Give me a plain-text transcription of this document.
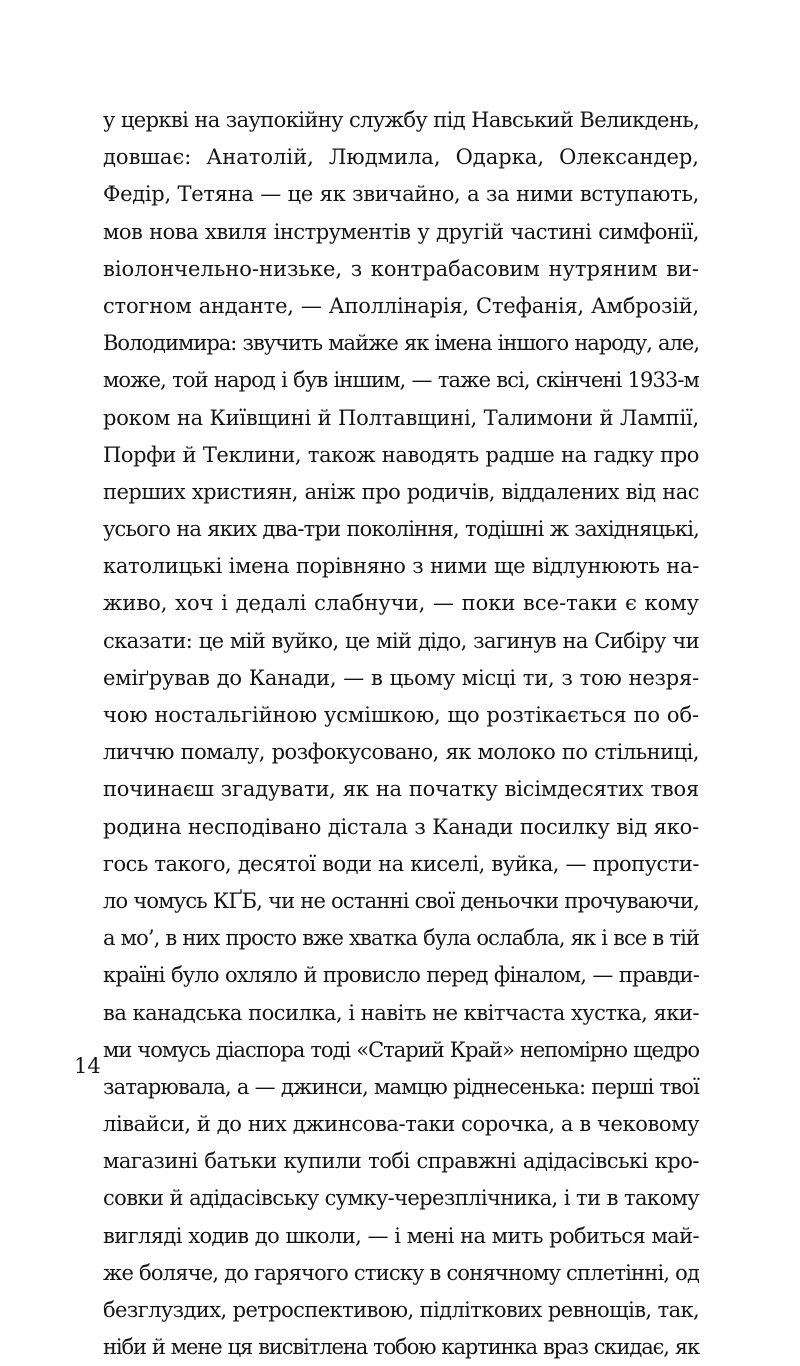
у церкві на заупокійну службу під Навський Великдень,
довшає: Анатолій, Людмила, Одарка, Олександер,
Федір, Тетяна — це як звичайно, а за ними вступають,
мов нова хвиля інструментів у другій частині симфонії,
віолончельно-низьке, з контрабасовим нутряним ви-
стогном анданте, — Аполлінарія, Стефанія, Амброзій,
Володимира: звучить майже як імена іншого народу, але,
може, той народ і був іншим, — таже всі, скінчені 1933-м
роком на Київщині й Полтавщині, Талимони й Лампії,
Порфи й Теклини, також наводять радше на гадку про
перших християн, аніж про родичів, віддалених від нас
усього на яких два-три покоління, тодішні ж західняцькі,
католицькі імена порівняно з ними ще відлунюють на-
живо, хоч і дедалі слабнучи, — поки все-таки є кому
сказати: це мій вуйко, це мій дідо, загинув на Сибіру чи
еміґрував до Канади, — в цьому місці ти, з тою незря-
чою ностальгійною усмішкою, що розтікається по об-
личчю помалу, розфокусовано, як молоко по стільниці,
починаєш згадувати, як на початку вісімдесятих твоя
родина несподівано дістала з Канади посилку від яко-
гось такого, десятої води на киселі, вуйка, — пропусти-
ло чомусь КҐБ, чи не останні свої деньочки прочуваючи,
а мо’, в них просто вже хватка була ослабла, як і все в тій
країні було охляло й провисло перед фіналом, — правди-
ва канадська посилка, і навіть не квітчаста хустка, яки-
ми чомусь діаспора тоді «Старий Край» непомірно щедро
затарювала, а — джинси, мамцю ріднесенька: перші твої
лівайси, й до них джинсова-таки сорочка, а в чековому
магазині батьки купили тобі справжні адідасівські кро-
совки й адідасівську сумку-черезплічника, і ти в такому
вигляді ходив до школи, — і мені на мить робиться май-
же боляче, до гарячого стиску в сонячному сплетінні, од
безглуздих, ретроспективою, підліткових ревнощів, так,
ніби й мене ця висвітлена тобою картинка враз скидає, як
14
